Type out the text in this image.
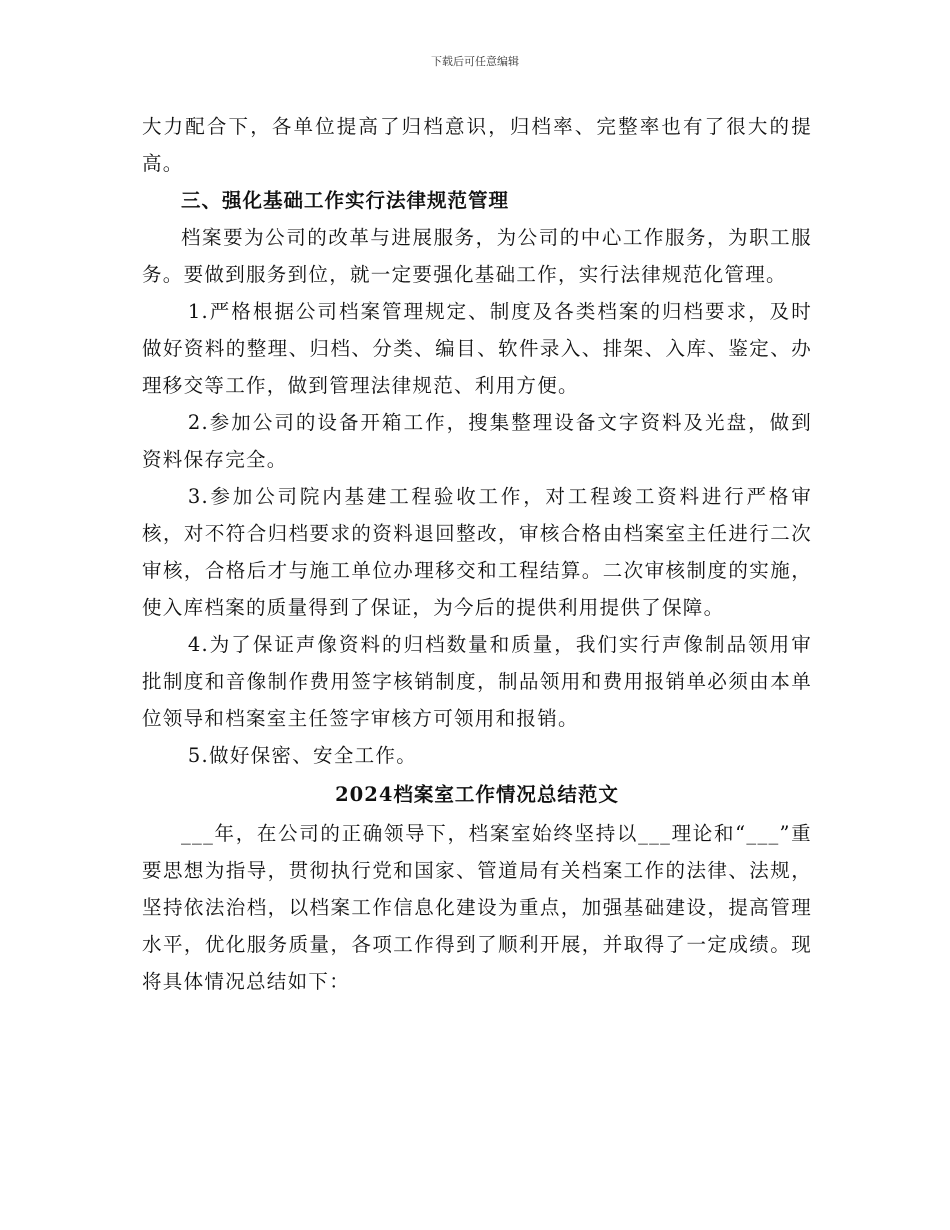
下载后可任意编辑

大力配合下，各单位提高了归档意识，归档率、完整率也有了很大的提高。

三、强化基础工作实行法律规范管理

档案要为公司的改革与进展服务，为公司的中心工作服务，为职工服务。要做到服务到位，就一定要强化基础工作，实行法律规范化管理。

1.严格根据公司档案管理规定、制度及各类档案的归档要求，及时做好资料的整理、归档、分类、编目、软件录入、排架、入库、鉴定、办理移交等工作，做到管理法律规范、利用方便。

2.参加公司的设备开箱工作，搜集整理设备文字资料及光盘，做到资料保存完全。

3.参加公司院内基建工程验收工作，对工程竣工资料进行严格审核，对不符合归档要求的资料退回整改，审核合格由档案室主任进行二次审核，合格后才与施工单位办理移交和工程结算。二次审核制度的实施，使入库档案的质量得到了保证，为今后的提供利用提供了保障。

4.为了保证声像资料的归档数量和质量，我们实行声像制品领用审批制度和音像制作费用签字核销制度，制品领用和费用报销单必须由本单位领导和档案室主任签字审核方可领用和报销。

5.做好保密、安全工作。

2024档案室工作情况总结范文

___年，在公司的正确领导下，档案室始终坚持以___理论和“___”重要思想为指导，贯彻执行党和国家、管道局有关档案工作的法律、法规，坚持依法治档，以档案工作信息化建设为重点，加强基础建设，提高管理水平，优化服务质量，各项工作得到了顺利开展，并取得了一定成绩。现将具体情况总结如下：
